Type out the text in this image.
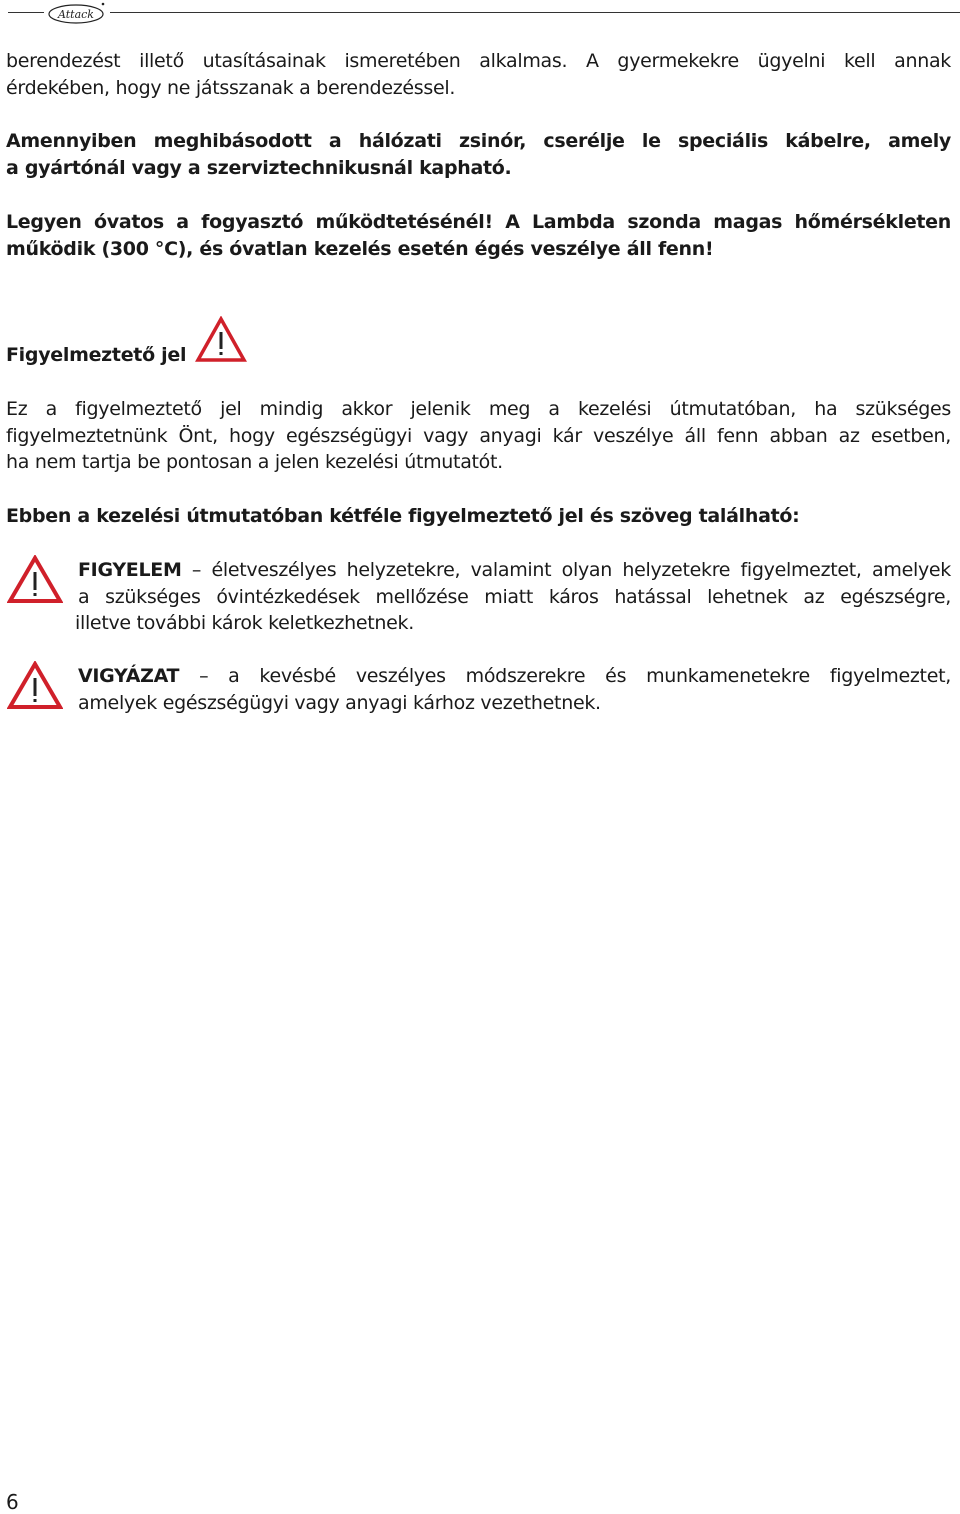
Attack
berendezést illető utasításainak ismeretében alkalmas. A gyermekekre ügyelni kell annak
érdekében, hogy ne játsszanak a berendezéssel.
Amennyiben meghibásodott a hálózati zsinór, cserélje le speciális kábelre, amely
a gyártónál vagy a szerviztechnikusnál kapható.
Legyen óvatos a fogyasztó működtetésénél! A Lambda szonda magas hőmérsékleten
működik (300 °C), és óvatlan kezelés esetén égés veszélye áll fenn!
Figyelmeztető jel
Ez a figyelmeztető jel mindig akkor jelenik meg a kezelési útmutatóban, ha szükséges
figyelmeztetnünk Önt, hogy egészségügyi vagy anyagi kár veszélye áll fenn abban az esetben,
ha nem tartja be pontosan a jelen kezelési útmutatót.
Ebben a kezelési útmutatóban kétféle figyelmeztető jel és szöveg található:
FIGYELEM – életveszélyes helyzetekre, valamint olyan helyzetekre figyelmeztet, amelyek
a szükséges óvintézkedések mellőzése miatt káros hatással lehetnek az egészségre,
illetve további károk keletkezhetnek.
VIGYÁZAT – a kevésbé veszélyes módszerekre és munkamenetekre figyelmeztet,
amelyek egészségügyi vagy anyagi kárhoz vezethetnek.
6
